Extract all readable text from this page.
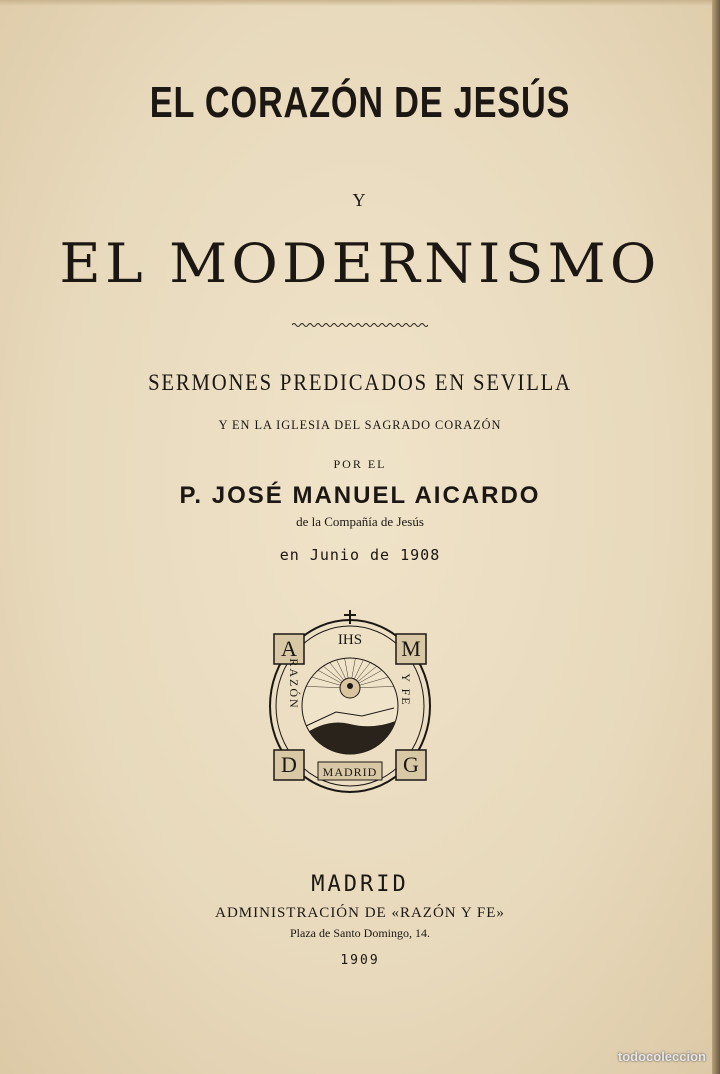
EL CORAZÓN DE JESÚS
Y
EL MODERNISMO
SERMONES PREDICADOS EN SEVILLA
Y EN LA IGLESIA DEL SAGRADO CORAZÓN
POR EL
P. JOSÉ MANUEL AICARDO
de la Compañía de Jesús
en Junio de 1908
A	M
D	G
IHS
RAZÓN	Y FE
MADRID
MADRID
ADMINISTRACIÓN DE «RAZÓN Y FE»
Plaza de Santo Domingo, 14.
1909
todocoleccion
